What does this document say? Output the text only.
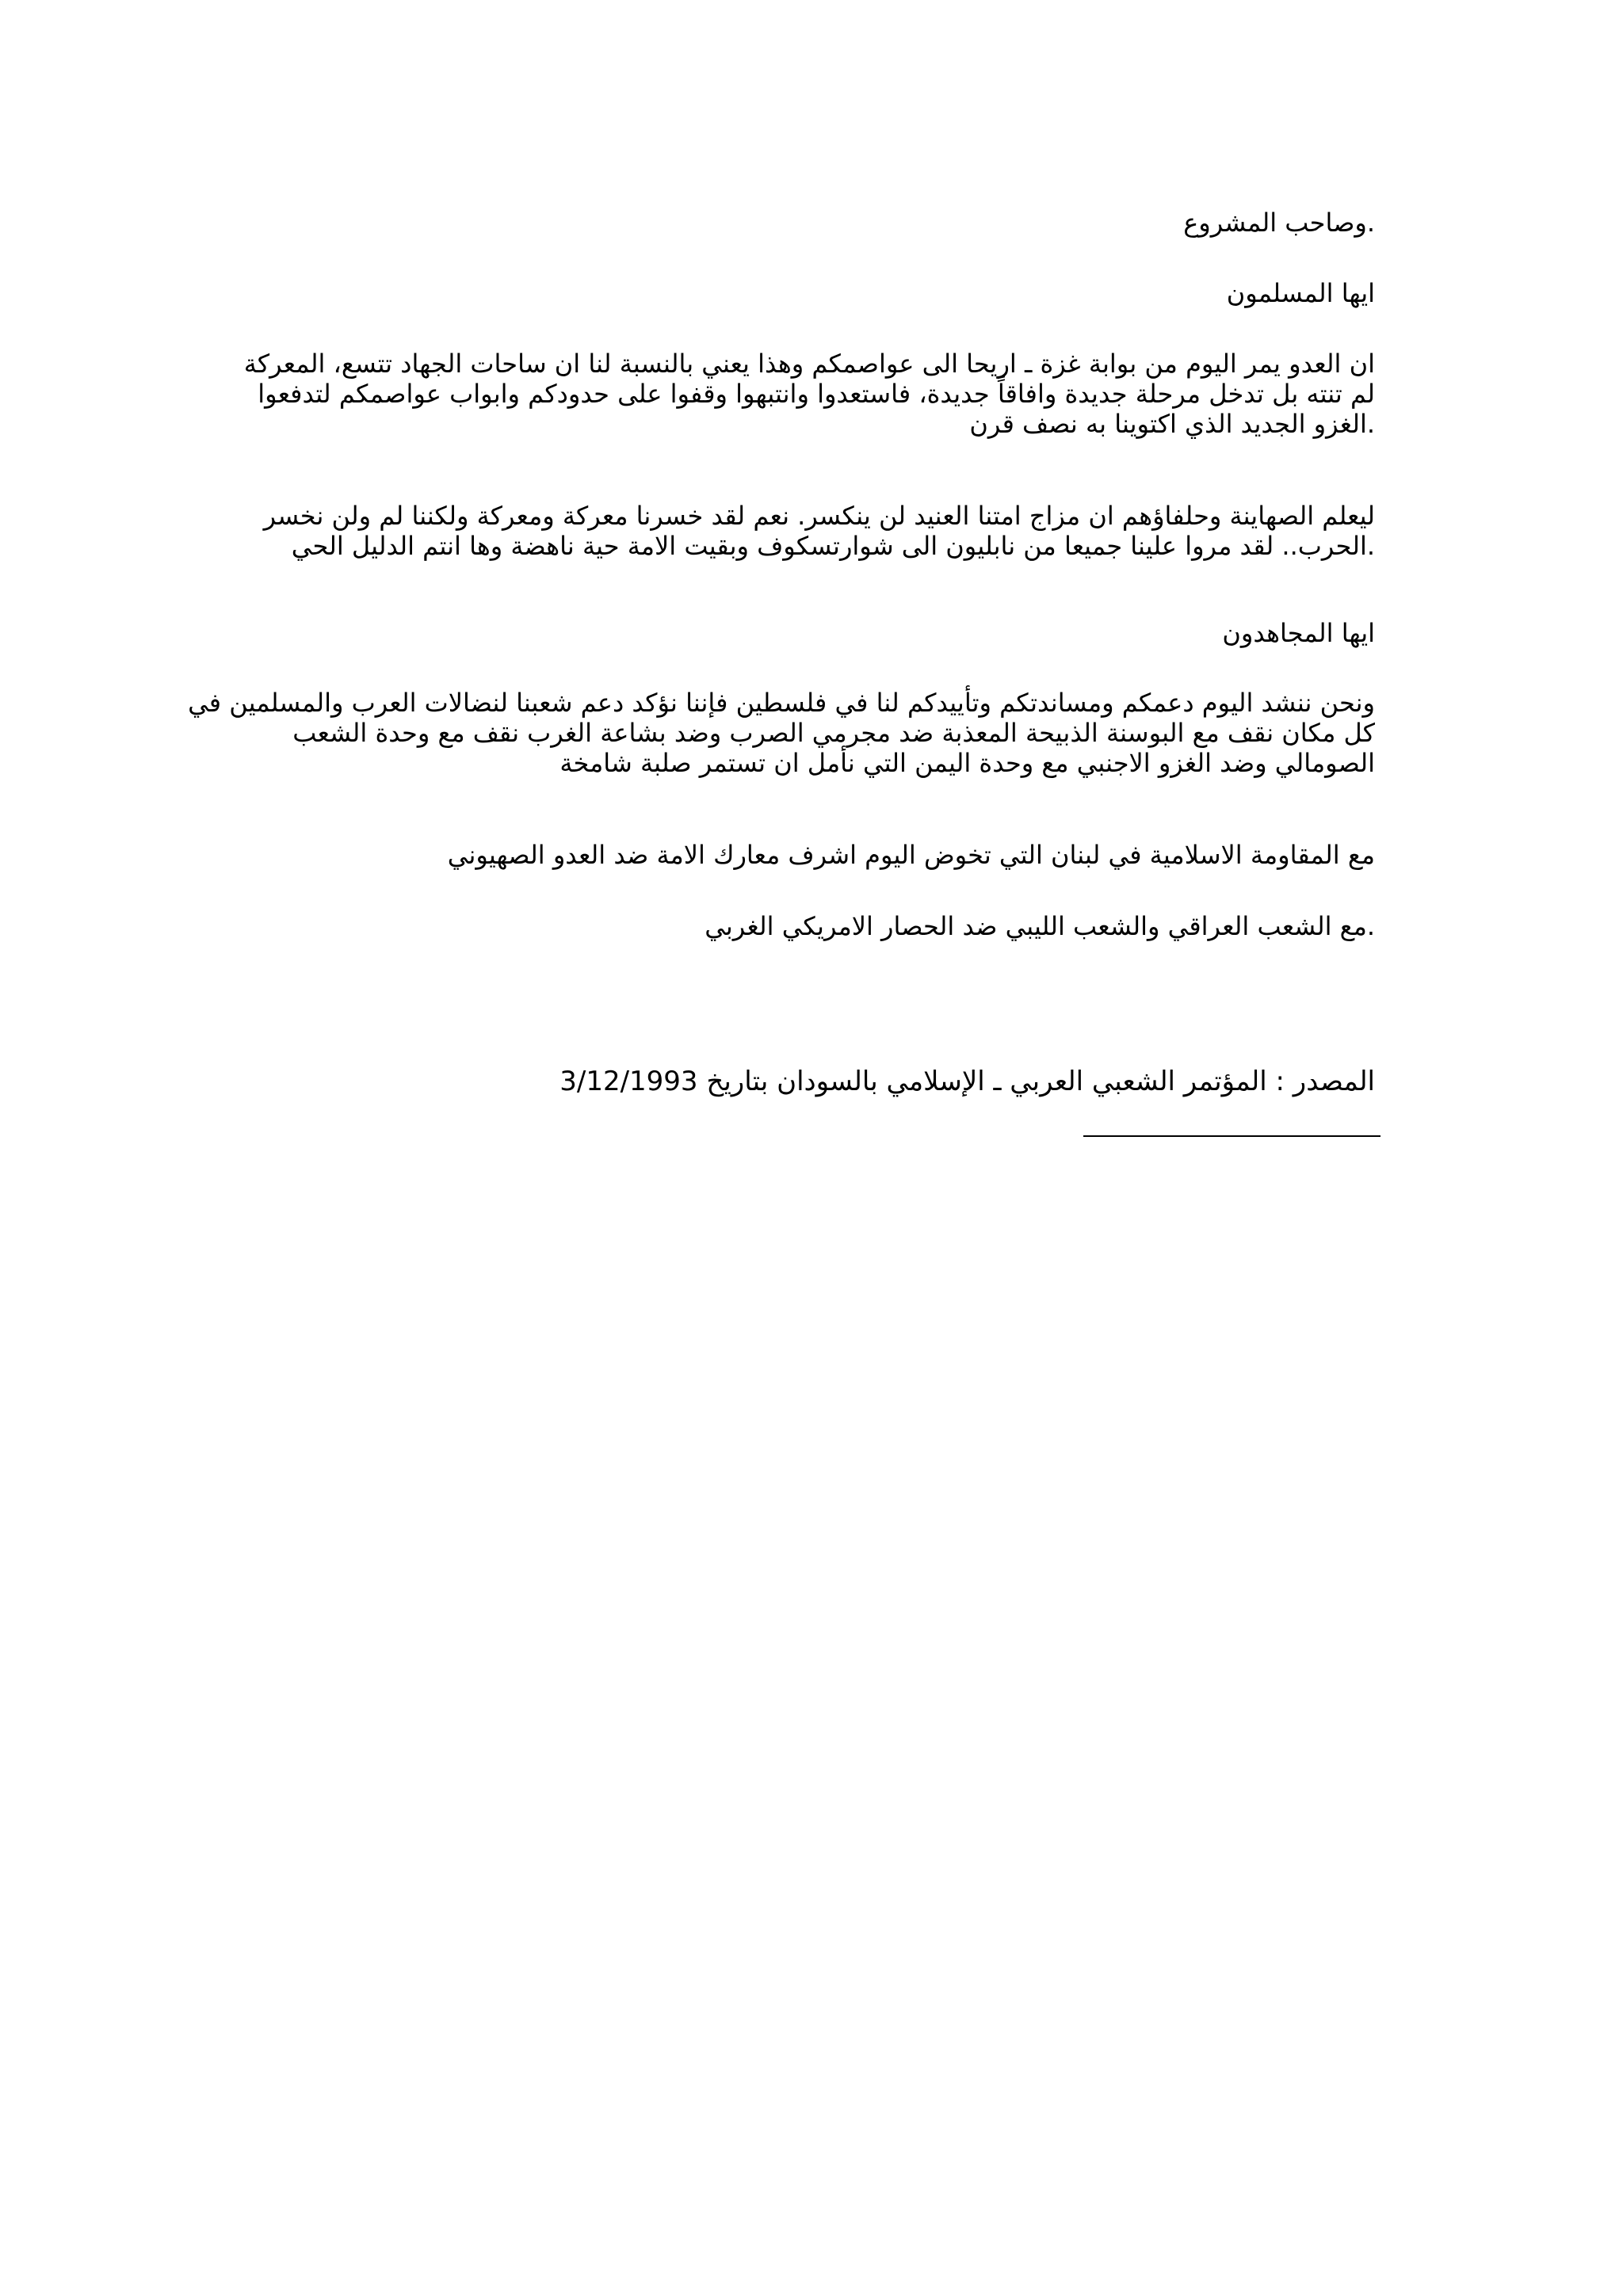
.وصاحب المشروع
ايها المسلمون
ان العدو يمر اليوم من بوابة غزة ـ اريحا الى عواصمكم وهذا يعني بالنسبة لنا ان ساحات الجهاد تتسع، المعركة
لم تنته بل تدخل مرحلة جديدة وافاقاً جديدة، فاستعدوا وانتبهوا وقفوا على حدودكم وابواب عواصمكم لتدفعوا
.الغزو الجديد الذي اكتوينا به نصف قرن
ليعلم الصهاينة وحلفاؤهم ان مزاج امتنا العنيد لن ينكسر. نعم لقد خسرنا معركة ومعركة ولكننا لم ولن نخسر
.الحرب.. لقد مروا علينا جميعا من نابليون الى شوارتسكوف وبقيت الامة حية ناهضة وها انتم الدليل الحي
ايها المجاهدون
ونحن ننشد اليوم دعمكم ومساندتكم وتأييدكم لنا في فلسطين فإننا نؤكد دعم شعبنا لنضالات العرب والمسلمين في
كل مكان نقف مع البوسنة الذبيحة المعذبة ضد مجرمي الصرب وضد بشاعة الغرب نقف مع وحدة الشعب
الصومالي وضد الغزو الاجنبي مع وحدة اليمن التي نأمل ان تستمر صلبة شامخة
مع المقاومة الاسلامية في لبنان التي تخوض اليوم اشرف معارك الامة ضد العدو الصهيوني
.مع الشعب العراقي والشعب الليبي ضد الحصار الامريكي الغربي
المصدر : المؤتمر الشعبي العربي ـ الإسلامي بالسودان بتاريخ 3/12/1993
